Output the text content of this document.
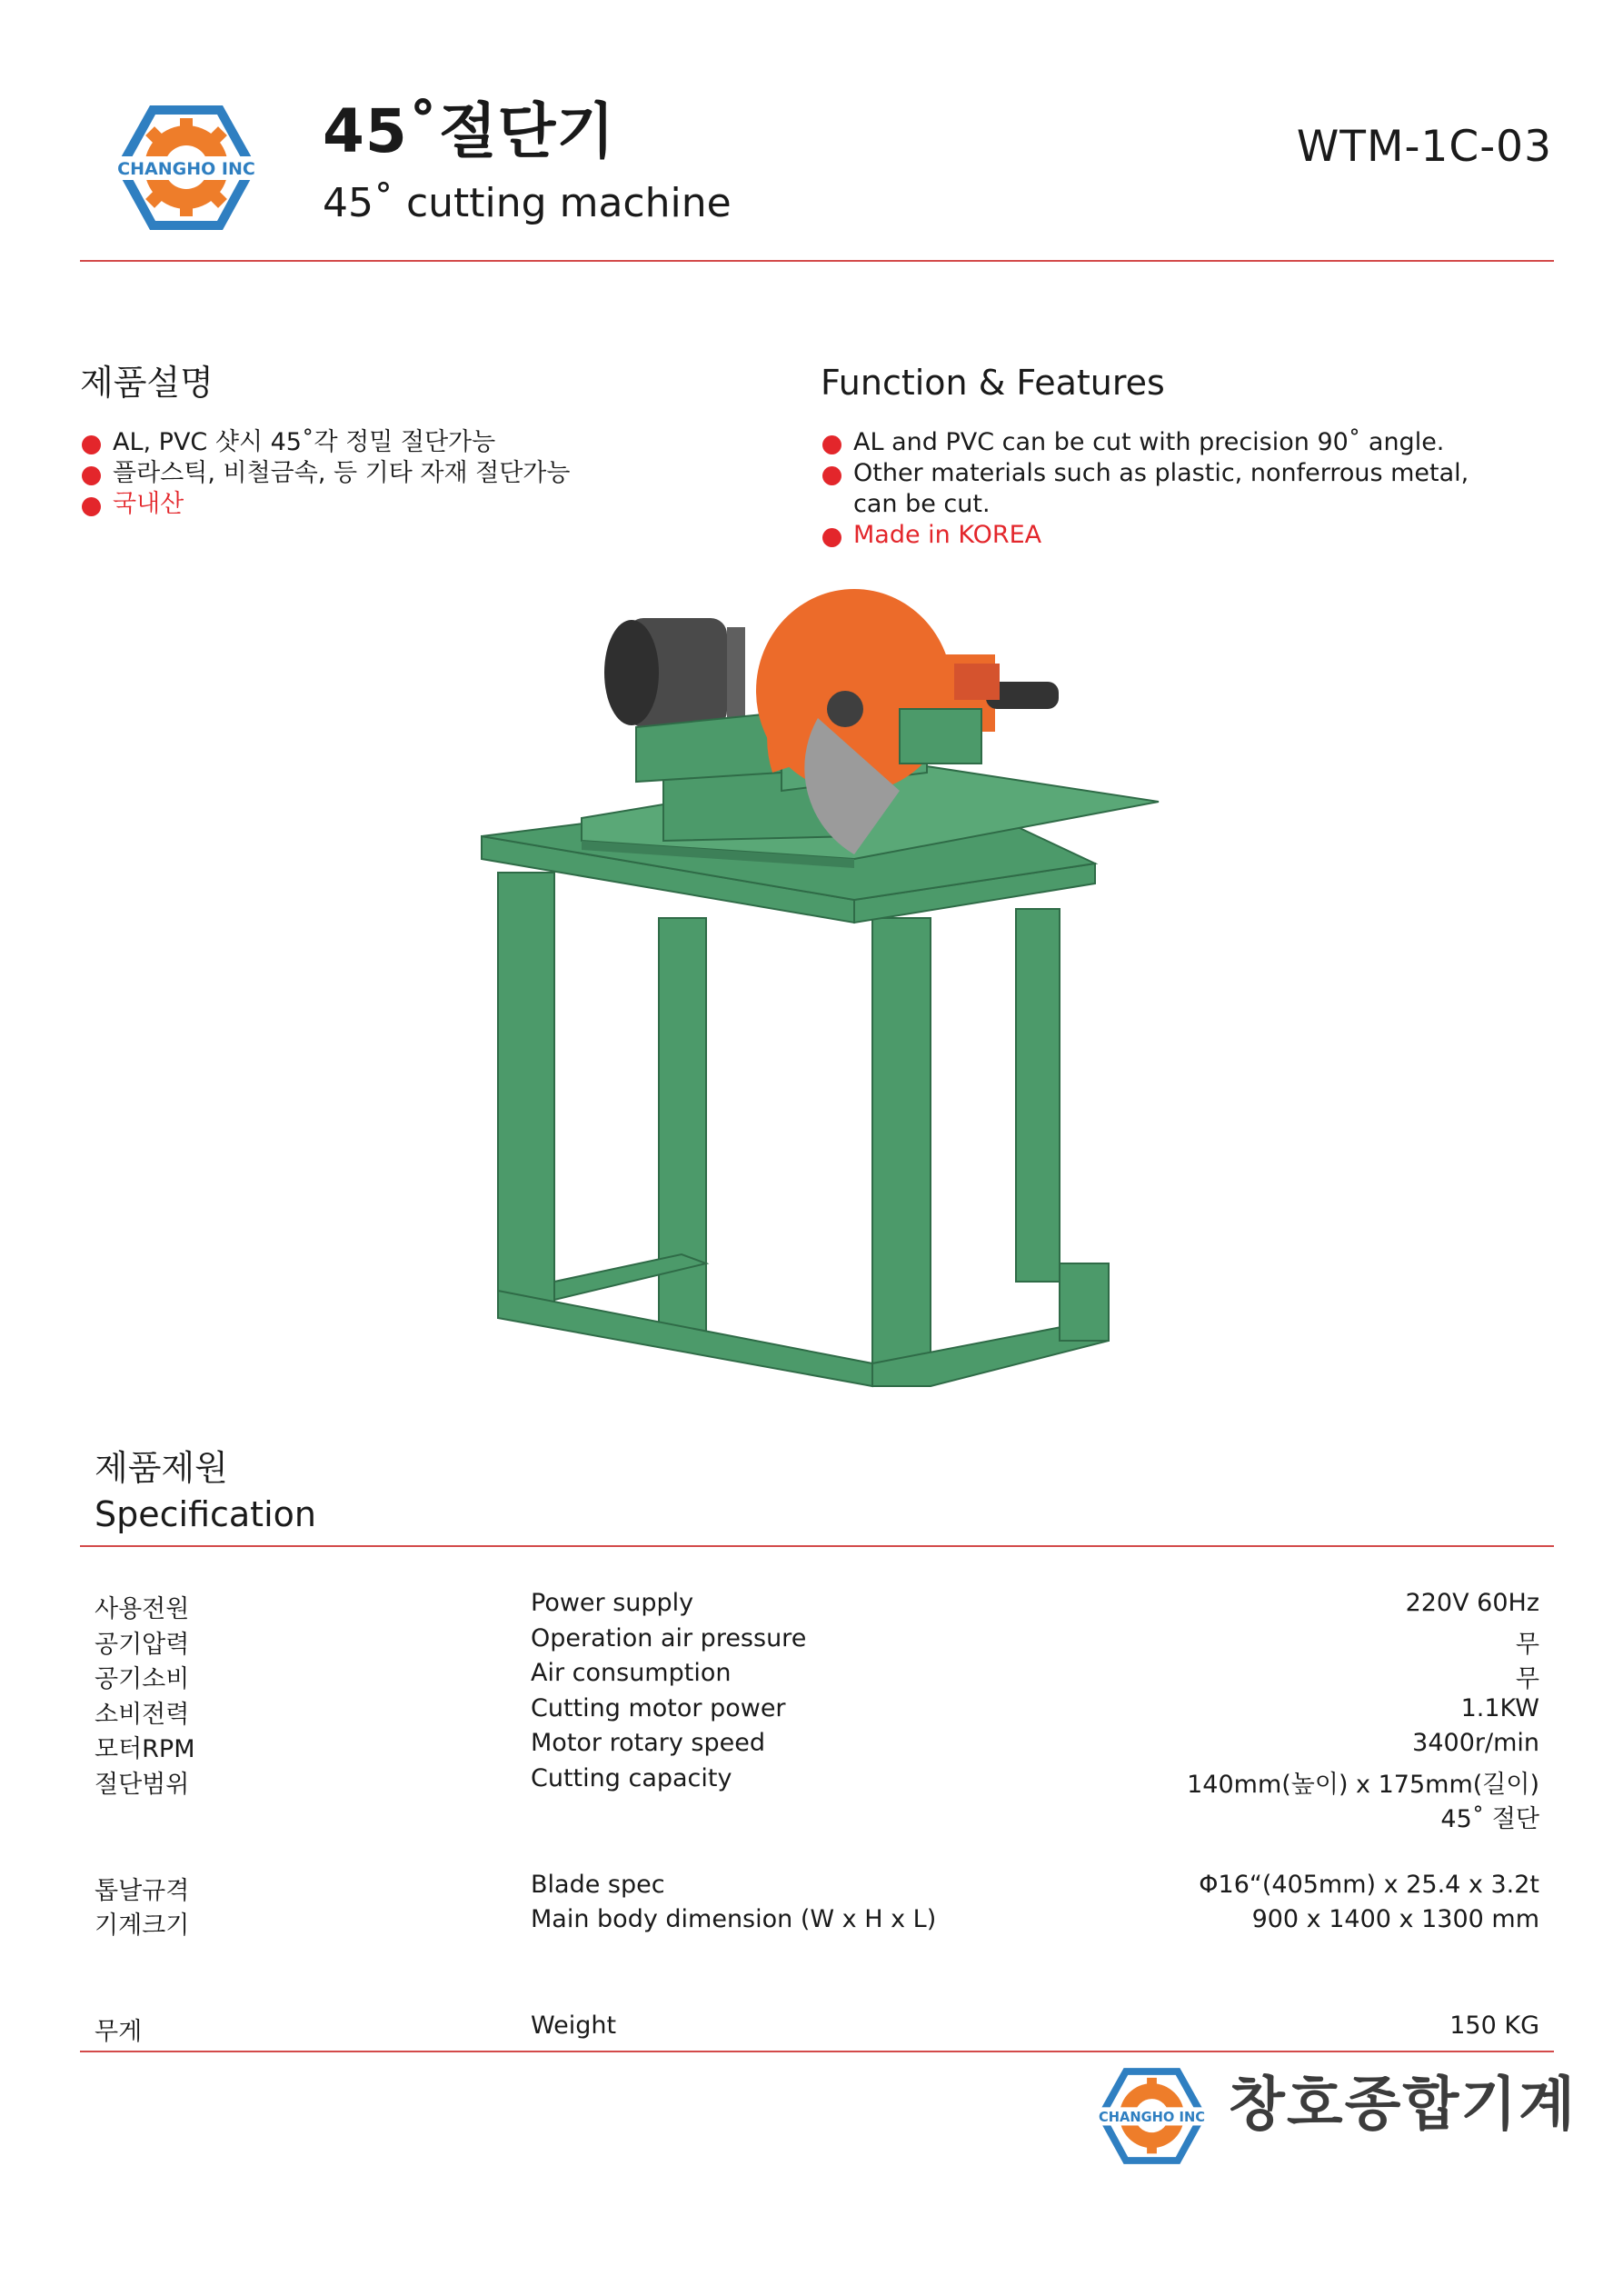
CHANGHO INC
45˚절단기
45˚ cutting machine
WTM-1C-03
제품설명
AL, PVC 샷시 45˚각 정밀 절단가능
플라스틱, 비철금속, 등 기타 자재 절단가능
국내산
Function & Features
AL and PVC can be cut with precision 90˚ angle.
Other materials such as plastic, nonferrous metal, can be cut.
Made in KOREA
제품제원
Specification
사용전원	Power supply	220V 60Hz
공기압력	Operation air pressure	무
공기소비	Air consumption	무
소비전력	Cutting motor power	1.1KW
모터RPM	Motor rotary speed	3400r/min
절단범위	Cutting capacity	140mm(높이) x 175mm(길이)
45˚ 절단
톱날규격	Blade spec	Φ16“(405mm) x 25.4 x 3.2t
기계크기	Main body dimension (W x H x L)	900 x 1400 x 1300 mm
무게	Weight	150 KG
CHANGHO INC 창호종합기계
